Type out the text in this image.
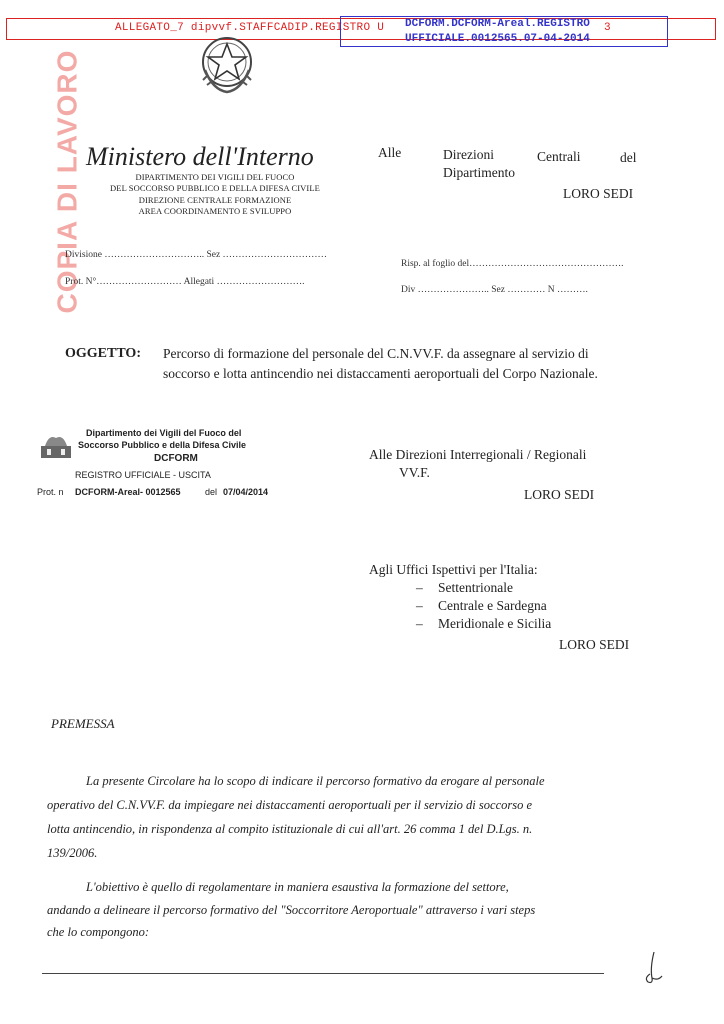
ALLEGATO_7 dipvvf.STAFFCADIP.REGISTRO U	3
DCFORM.DCFORM-Areal.REGISTRO
UFFICIALE.0012565.07-04-2014
COPIA DI LAVORO Ministero dell'Interno
DIPARTIMENTO DEI VIGILI DEL FUOCO
DEL SOCCORSO PUBBLICO E DELLA DIFESA CIVILE
DIREZIONE CENTRALE FORMAZIONE
AREA COORDINAMENTO E SVILUPPO
Alle	Direzioni	Centrali	del
Dipartimento
LORO SEDI
Divisione ………………………….. Sez ……………………………
Prot. N°……………………… Allegati ……………………….
Risp. al foglio del………………………………………….
Div ………………….. Sez ………… N ……….
OGGETTO: Percorso di formazione del personale del C.N.VV.F. da assegnare al servizio di
soccorso e lotta antincendio nei distaccamenti aeroportuali del Corpo Nazionale.
Dipartimento dei Vigili del Fuoco del
Soccorso Pubblico e della Difesa Civile
DCFORM
REGISTRO UFFICIALE - USCITA
Prot. n DCFORM-Areal- 0012565	del 07/04/2014
Alle Direzioni Interregionali / Regionali
VV.F.
LORO SEDI
Agli Uffici Ispettivi per l'Italia:
– Settentrionale
– Centrale e Sardegna
– Meridionale e Sicilia
LORO SEDI
PREMESSA
La presente Circolare ha lo scopo di indicare il percorso formativo da erogare al personale
operativo del C.N.VV.F. da impiegare nei distaccamenti aeroportuali per il servizio di soccorso e
lotta antincendio, in rispondenza al compito istituzionale di cui all'art. 26 comma 1 del D.Lgs. n.
139/2006.
L'obiettivo è quello di regolamentare in maniera esaustiva la formazione del settore,
andando a delineare il percorso formativo del "Soccorritore Aeroportuale" attraverso i vari steps
che lo compongono:
